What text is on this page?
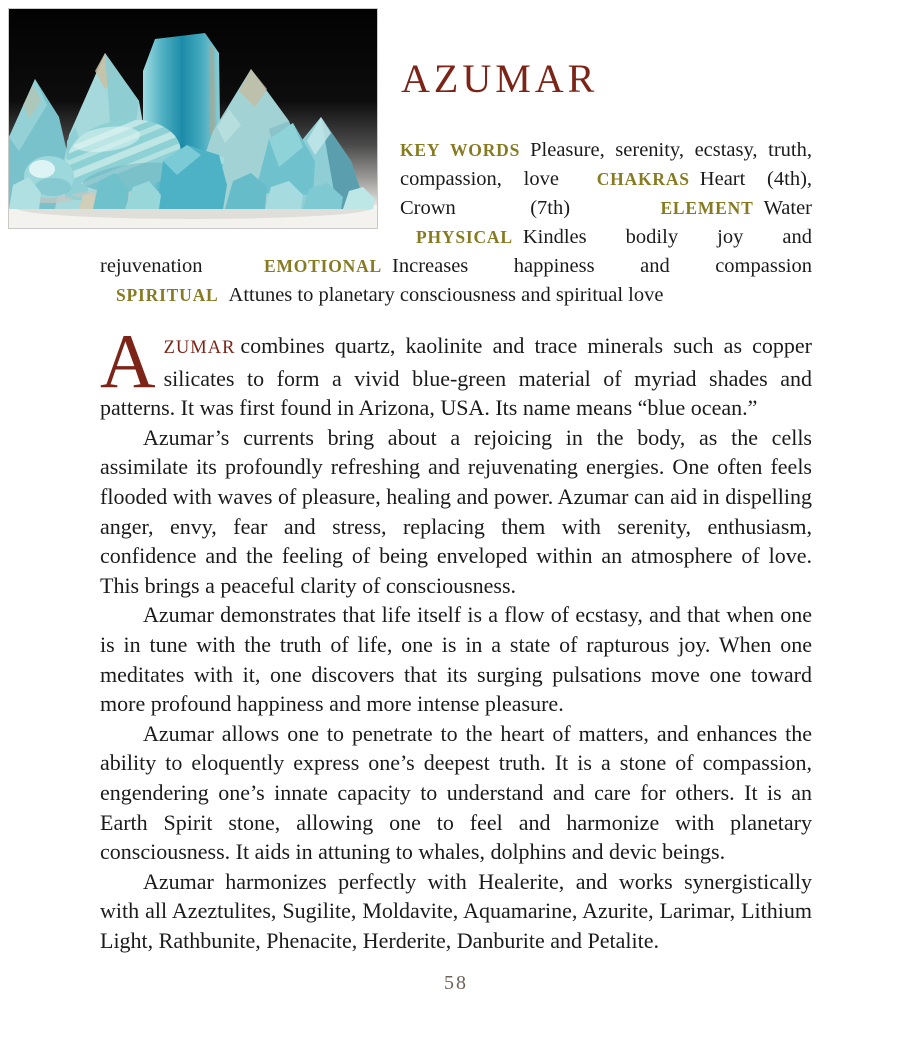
AZUMAR
KEY WORDS Pleasure, serenity, ecstasy, truth, compassion, love CHAKRAS Heart (4th), Crown (7th)	ELEMENT Water PHYSICAL Kindles bodily joy and rejuvenation	EMOTIONAL Increases happiness and compassion SPIRITUAL Attunes to planetary consciousness and spiritual love

AZUMAR combines quartz, kaolinite and trace minerals such as copper silicates to form a vivid blue-green material of myriad shades and patterns. It was first found in Arizona, USA. Its name means “blue ocean.”

Azumar’s currents bring about a rejoicing in the body, as the cells assimilate its profoundly refreshing and rejuvenating energies. One often feels flooded with waves of pleasure, healing and power. Azumar can aid in dispelling anger, envy, fear and stress, replacing them with serenity, enthusiasm, confidence and the feeling of being enveloped within an atmosphere of love. This brings a peaceful clarity of consciousness.

Azumar demonstrates that life itself is a flow of ecstasy, and that when one is in tune with the truth of life, one is in a state of rapturous joy. When one meditates with it, one discovers that its surging pulsations move one toward more profound happiness and more intense pleasure.

Azumar allows one to penetrate to the heart of matters, and enhances the ability to eloquently express one’s deepest truth. It is a stone of compassion, engendering one’s innate capacity to understand and care for others. It is an Earth Spirit stone, allowing one to feel and harmonize with planetary consciousness. It aids in attuning to whales, dolphins and devic beings.

Azumar harmonizes perfectly with Healerite, and works synergistically with all Azeztulites, Sugilite, Moldavite, Aquamarine, Azurite, Larimar, Lithium Light, Rathbunite, Phenacite, Herderite, Danburite and Petalite.

58
